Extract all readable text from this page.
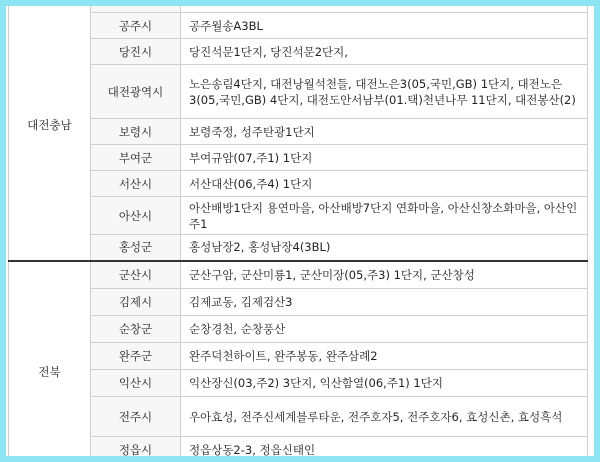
대전충남		
	공주시	공주월송A3BL
	당진시	당진석문1단지, 당진석문2단지,
	대전광역시	노은송림4단지, 대전낭월석천들, 대전노은3(05,국민,GB) 1단지, 대전노은3(05,국민,GB) 4단지, 대전도안서남부(01.택)천년나무 11단지, 대전봉산(2)
	보령시	보령죽정, 성주탄광1단지
	부여군	부여규암(07,주1) 1단지
	서산시	서산대산(06,주4) 1단지
	아산시	아산배방1단지 용연마을, 아산배방7단지 연화마을, 아산신창소화마을, 아산인주1
	홍성군	홍성남장2, 홍성남장4(3BL)
전북	군산시	군산구암, 군산미룡1, 군산미장(05,주3) 1단지, 군산창성
	김제시	김제교동, 김제검산3
	순창군	순창경천, 순창풍산
	완주군	완주덕천하이트, 완주봉동, 완주삼례2
	익산시	익산장신(03,주2) 3단지, 익산함열(06,주1) 1단지
	전주시	우아효성, 전주신세계블루타운, 전주호자5, 전주호자6, 효성신촌, 효성흑석
	정읍시	정읍상동2-3, 정읍신태인
